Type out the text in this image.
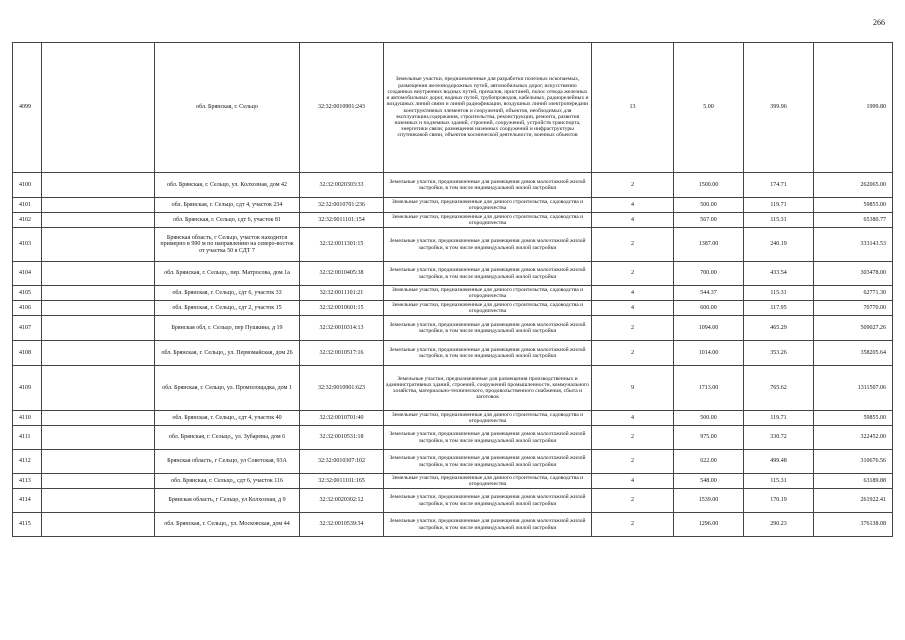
266
4099		обл. Брянская, г. Сельцо	32:32:0010901:243	Земельные участки, предназначенные для разработки полезных ископаемых, размещения железнодорожных путей, автомобильных дорог, искусственно созданных внутренних водных путей, причалов, пристаней, полос отвода железных и автомобильных дорог, водных путей, трубопроводов, кабельных, радиорелейных и воздушных линий связи и линий радиофикации, воздушных линий электропередачи конструктивных элементов и сооружений, объектов, необходимых для эксплуатации,содержания, строительства, реконструкции, ремонта, развития наземных и подземных зданий, строений, сооружений, устройств транспорта, энергетики связи; размещения наземных сооружений и инфраструктуры спутниковой связи, объектов космической деятельности, военных объектов	13	5.00	399.96	1999.80
4100		обл. Брянская, г. Сельцо, ул. Колхозная, дом 42	32:32:0020303:33	Земельные участки, предназначенные для размещения домов малоэтажной жилой застройки, в том числе индивидуальной жилой застройки	2	1500.00	174.71	262065.00
4101		обл. Брянская, г. Сельцо, сдт 4, участок 234	32:32:0010701:236	Земельные участки, предназначенные для дачного строительства, садоводства и огородничества	4	500.00	119.71	59855.00
4102		обл. Брянская, г. Сельцо, сдт 6, участок 81	32:32:0011101:154	Земельные участки, предназначенные для дачного строительства, садоводства и огородничества	4	567.00	115.31	65380.77
4103		Брянская область, г Сельцо, участок находится примерно в 990 м по направлению на северо-восток от участка 50 в СДТ 7	32:32:0011301:15	Земельные участки, предназначенные для размещения домов малоэтажной жилой застройки, в том числе индивидуальной жилой застройки	2	1387.00	240.19	333143.53
4104		обл. Брянская, г. Сельцо,, пер. Матросова, дом 1а	32:32:0010405:38	Земельные участки, предназначенные для размещения домов малоэтажной жилой застройки, в том числе индивидуальной жилой застройки	2	700.00	433.54	303478.00
4105		обл. Брянская, г. Сельцо,, сдт 6, участок 33	32:32:0011101:21	Земельные участки, предназначенные для дачного строительства, садоводства и огородничества	4	544.37	115.31	62771.30
4106		обл. Брянская, г. Сельцо,, сдт 2, участок 15	32:32:0010601:15	Земельные участки, предназначенные для дачного строительства, садоводства и огородничества	4	600.00	117.95	70770.00
4107		Брянская обл, г. Сельцо, пер Пушкина, д 19	32:32:0010314:13	Земельные участки, предназначенные для размещения домов малоэтажной жилой застройки, в том числе индивидуальной жилой застройки	2	1094.00	465.29	509027.26
4108		обл. Брянская, г. Сельцо,, ул. Первомайская, дом 26	32:32:0010517:16	Земельные участки, предназначенные для размещения домов малоэтажной жилой застройки, в том числе индивидуальной жилой застройки	2	1014.00	353.26	358205.64
4109		обл. Брянская, г. Сельцо, ул. Промплощадка, дом 1	32:32:0010901:623	Земельные участки, предназначенные для размещения производственных и административных зданий, строений, сооружений промышленности, коммунального хозяйства, материально-технического, продовольственного снабжения, сбыта и заготовок	9	1713.00	765.62	1311507.06
4110		обл. Брянская, г. Сельцо,, сдт 4, участок 40	32:32:0010701:40	Земельные участки, предназначенные для дачного строительства, садоводства и огородничества	4	500.00	119.71	59855.00
4111		обл. Брянская, г. Сельцо,, ул. Зубаревы, дом 6	32:32:0010531:18	Земельные участки, предназначенные для размещения домов малоэтажной жилой застройки, в том числе индивидуальной жилой застройки	2	975.00	330.72	322452.00
4112		Брянская область, г Сельцо, ул Советская, 93А	32:32:0010307:102	Земельные участки, предназначенные для размещения домов малоэтажной жилой застройки, в том числе индивидуальной жилой застройки	2	622.00	499.48	310676.56
4113		обл. Брянская, г. Сельцо,, сдт 6, участок 116	32:32:0011101:165	Земельные участки, предназначенные для дачного строительства, садоводства и огородничества	4	548.00	115.31	63189.88
4114		Брянская область, г Сельцо, ул Колхозная, д 9	32:32:0020302:12	Земельные участки, предназначенные для размещения домов малоэтажной жилой застройки, в том числе индивидуальной жилой застройки	2	1539.00	170.19	261922.41
4115		обл. Брянская, г. Сельцо,, ул. Московская, дом 44	32:32:0010539:34	Земельные участки, предназначенные для размещения домов малоэтажной жилой застройки, в том числе индивидуальной жилой застройки	2	1296.00	290.23	376138.08
